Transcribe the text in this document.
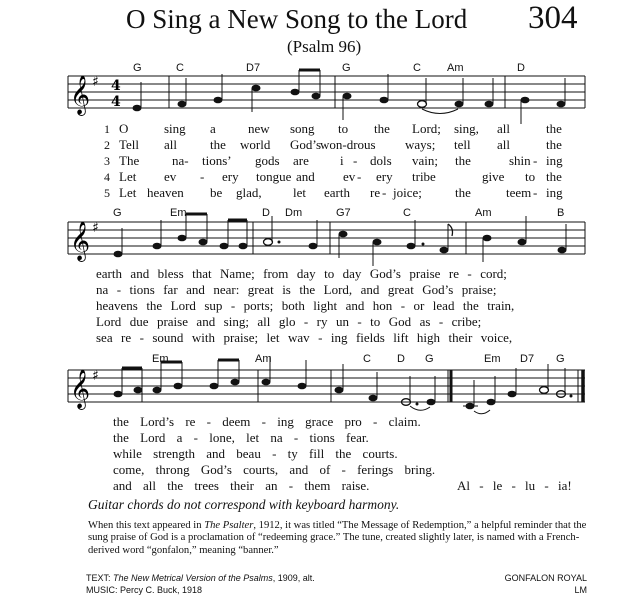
O Sing a New Song to the Lord 304
(Psalm 96)
G	C	D7	G	C Am	D
𝄞 ♯ 4
4
1
2
3
4
5
O	sing a new song to the Lord; sing, all	the
Tell all	the world God’s
won-drous ways; tell all	the
The	na- tions’ gods are i - dols vain; the	shin - ing
Let ev - ery tongue and ev - ery tribe	give to the
Let heaven be glad, let earth re - joice;	the	teem - ing
G	Em	D Dm	G7	C	Am	B
𝄞 ♯
earth and bless that Name; from day to day God’s praise re - cord;
na - tions far and near: great is the Lord, and great God’s praise;
heavens the Lord sup - ports; both light and hon - or lead the train,
Lord due praise and sing; all glo - ry un - to God as - cribe;
sea re - sound with praise; let wav - ing fields lift high their voice,
Em	Am	C D G	Em D7 G
𝄞 ♯
the Lord’s re - deem - ing grace pro - claim.
the Lord a - lone, let na - tions fear.
while strength and beau - ty fill the courts.
come, throng God’s courts, and of - ferings bring.
and all the trees their an - them raise.	Al - le - lu - ia!
Guitar chords do not correspond with keyboard harmony.
When this text appeared in The Psalter, 1912, it was titled “The Message of Redemption,” a helpful reminder that the sung praise of God is a proclamation of “redeeming grace.” The tune, created slightly later, is named with a French-derived word “gonfalon,” meaning “banner.”
TEXT: The New Metrical Version of the Psalms, 1909, alt.
MUSIC: Percy C. Buck, 1918
GONFALON ROYAL
LM
